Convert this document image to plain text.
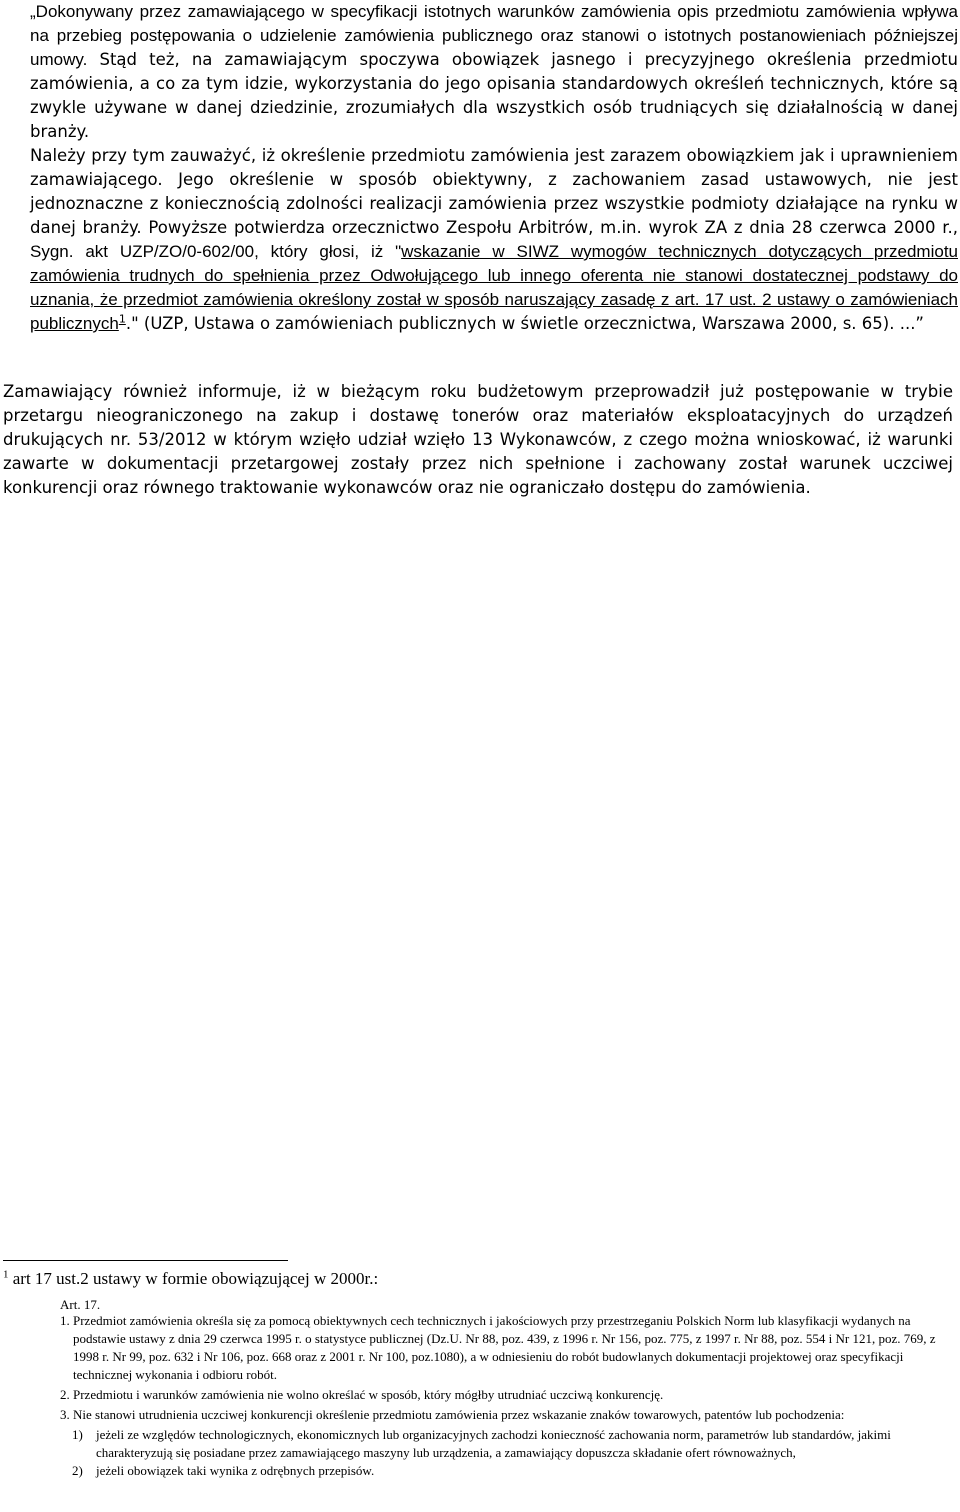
„Dokonywany przez zamawiającego w specyfikacji istotnych warunków zamówienia opis przedmiotu zamówienia wpływa na przebieg postępowania o udzielenie zamówienia publicznego oraz stanowi o istotnych postanowieniach późniejszej umowy. Stąd też, na zamawiającym spoczywa obowiązek jasnego i precyzyjnego określenia przedmiotu zamówienia, a co za tym idzie, wykorzystania do jego opisania standardowych określeń technicznych, które są zwykle używane w danej dziedzinie, zrozumiałych dla wszystkich osób trudniących się działalnością w danej branży.

Należy przy tym zauważyć, iż określenie przedmiotu zamówienia jest zarazem obowiązkiem jak i uprawnieniem zamawiającego. Jego określenie w sposób obiektywny, z zachowaniem zasad ustawowych, nie jest jednoznaczne z koniecznością zdolności realizacji zamówienia przez wszystkie podmioty działające na rynku w danej branży. Powyższe potwierdza orzecznictwo Zespołu Arbitrów, m.in. wyrok ZA z dnia 28 czerwca 2000 r., Sygn. akt UZP/ZO/0-602/00, który głosi, iż "wskazanie w SIWZ wymogów technicznych dotyczących przedmiotu zamówienia trudnych do spełnienia przez Odwołującego lub innego oferenta nie stanowi dostatecznej podstawy do uznania, że przedmiot zamówienia określony został w sposób naruszający zasadę z art. 17 ust. 2 ustawy o zamówieniach publicznych$^1$." (UZP, Ustawa o zamówieniach publicznych w świetle orzecznictwa, Warszawa 2000, s. 65). ...”

Zamawiający również informuje, iż w bieżącym roku budżetowym przeprowadził już postępowanie w trybie przetargu nieograniczonego na zakup i dostawę tonerów oraz materiałów eksploatacyjnych do urządzeń drukujących nr. 53/2012 w którym wzięło udział wzięło 13 Wykonawców, z czego można wnioskować, iż warunki zawarte w dokumentacji przetargowej zostały przez nich spełnione i zachowany został warunek uczciwej konkurencji oraz równego traktowanie wykonawców oraz nie ograniczało dostępu do zamówienia.

$^1$ art 17 ust.2 ustawy w formie obowiązującej w 2000r.:

Art. 17.

1. Przedmiot zamówienia określa się za pomocą obiektywnych cech technicznych i jakościowych przy przestrzeganiu Polskich Norm lub klasyfikacji wydanych na podstawie ustawy z dnia 29 czerwca 1995 r. o statystyce publicznej (Dz.U. Nr 88, poz. 439, z 1996 r. Nr 156, poz. 775, z 1997 r. Nr 88, poz. 554 i Nr 121, poz. 769, z 1998 r. Nr 99, poz. 632 i Nr 106, poz. 668 oraz z 2001 r. Nr 100, poz.1080), a w odniesieniu do robót budowlanych dokumentacji projektowej oraz specyfikacji technicznej wykonania i odbioru robót.
2. Przedmiotu i warunków zamówienia nie wolno określać w sposób, który mógłby utrudniać uczciwą konkurencję.
3. Nie stanowi utrudnienia uczciwej konkurencji określenie przedmiotu zamówienia przez wskazanie znaków towarowych, patentów lub pochodzenia:
1)	jeżeli ze względów technologicznych, ekonomicznych lub organizacyjnych zachodzi konieczność zachowania norm, parametrów lub standardów, jakimi charakteryzują się posiadane przez zamawiającego maszyny lub urządzenia, a zamawiający dopuszcza składanie ofert równoważnych,
2)	jeżeli obowiązek taki wynika z odrębnych przepisów.
